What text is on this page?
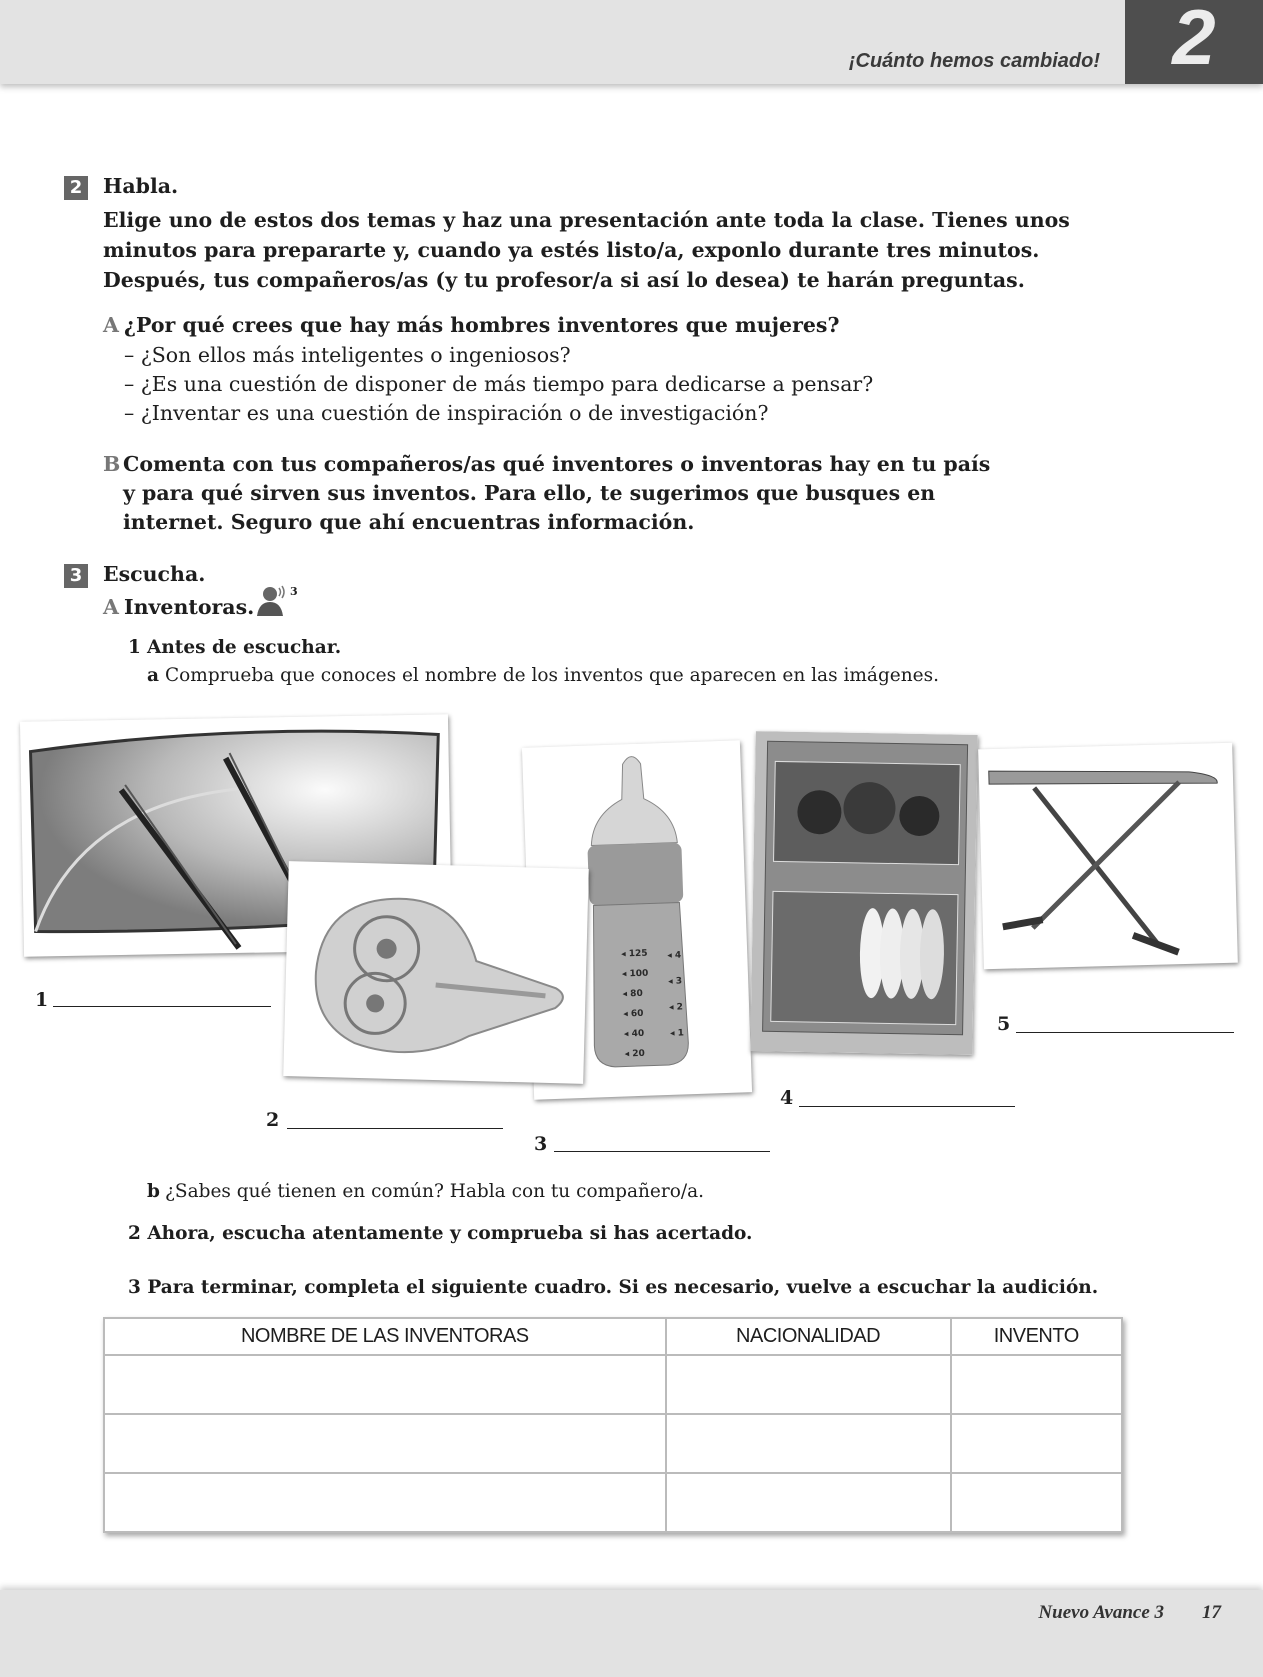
¡Cuánto hemos cambiado! 2
2 Habla.
Elige uno de estos dos temas y haz una presentación ante toda la clase. Tienes unos
minutos para prepararte y, cuando ya estés listo/a, exponlo durante tres minutos.
Después, tus compañeros/as (y tu profesor/a si así lo desea) te harán preguntas.
A ¿Por qué crees que hay más hombres inventores que mujeres?
– ¿Son ellos más inteligentes o ingeniosos?
– ¿Es una cuestión de disponer de más tiempo para dedicarse a pensar?
– ¿Inventar es una cuestión de inspiración o de investigación?
B Comenta con tus compañeros/as qué inventores o inventoras hay en tu país
y para qué sirven sus inventos. Para ello, te sugerimos que busques en
internet. Seguro que ahí encuentras información.
3 Escucha.
A Inventoras.
3
1 Antes de escuchar.
a Comprueba que conoces el nombre de los inventos que aparecen en las imágenes.
◂ 125
◂ 100
◂ 80
◂ 60
◂ 40
◂ 20
◂ 4
◂ 3
◂ 2
◂ 1
1
2
3
4
5
b ¿Sabes qué tienen en común? Habla con tu compañero/a.
2 Ahora, escucha atentamente y comprueba si has acertado.
3 Para terminar, completa el siguiente cuadro. Si es necesario, vuelve a escuchar la audición.
NOMBRE DE LAS INVENTORAS	NACIONALIDAD	INVENTO

Nuevo Avance 3 17
